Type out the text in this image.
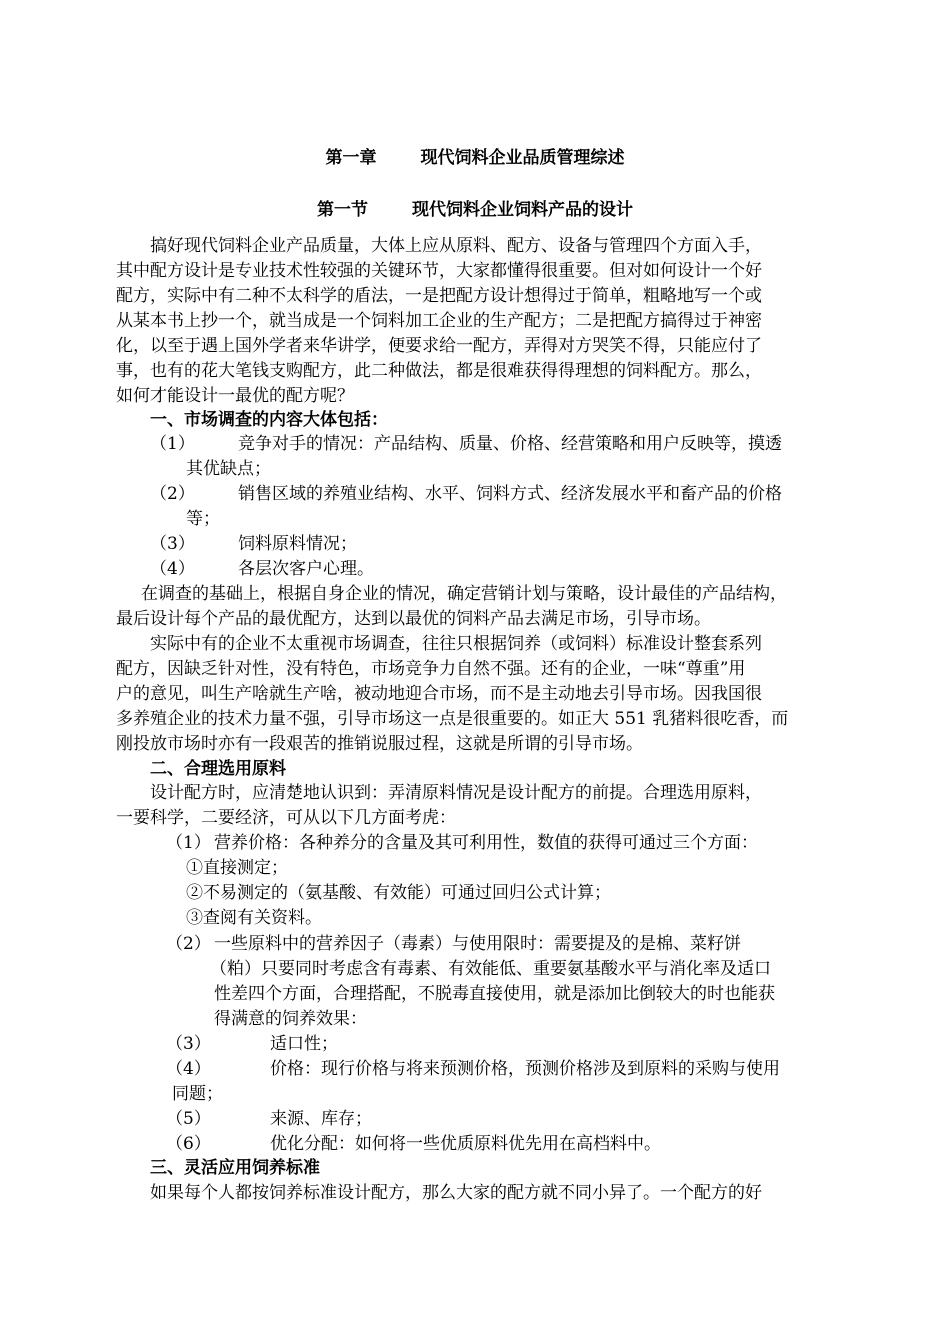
第一章	现代饲料企业品质管理综述
第一节	现代饲料企业饲料产品的设计
搞好现代饲料企业产品质量，大体上应从原料、配方、设备与管理四个方面入手，
其中配方设计是专业技术性较强的关键环节，大家都懂得很重要。但对如何设计一个好
配方，实际中有二种不太科学的盾法，一是把配方设计想得过于简单，粗略地写一个或
从某本书上抄一个，就当成是一个饲料加工企业的生产配方；二是把配方搞得过于神密
化，以至于遇上国外学者来华讲学，便要求给一配方，弄得对方哭笑不得，只能应付了
事，也有的花大笔钱支购配方，此二种做法，都是很难获得得理想的饲料配方。那么，
如何才能设计一最优的配方呢？
一、市场调查的内容大体包括：
（1）	竞争对手的情况：产品结构、质量、价格、经营策略和用户反映等，摸透
其优缺点；
（2）	销售区域的养殖业结构、水平、饲料方式、经济发展水平和畜产品的价格
等；
（3）	饲料原料情况；
（4）	各层次客户心理。
在调查的基础上，根据自身企业的情况，确定营销计划与策略，设计最佳的产品结构，
最后设计每个产品的最优配方，达到以最优的饲料产品去满足市场，引导市场。
实际中有的企业不太重视市场调查，往往只根据饲养（或饲料）标准设计整套系列
配方，因缺乏针对性，没有特色，市场竞争力自然不强。还有的企业，一味“尊重”用
户的意见，叫生产啥就生产啥，被动地迎合市场，而不是主动地去引导市场。因我国很
多养殖企业的技术力量不强，引导市场这一点是很重要的。如正大 551 乳猪料很吃香，而
刚投放市场时亦有一段艰苦的推销说服过程，这就是所谓的引导市场。
二、合理选用原料
设计配方时，应清楚地认识到：弄清原料情况是设计配方的前提。合理选用原料，
一要科学，二要经济，可从以下几方面考虎：
（1） 营养价格：各种养分的含量及其可利用性，数值的获得可通过三个方面：
①直接测定；
②不易测定的（氨基酸、有效能）可通过回归公式计算；
③查阅有关资料。
（2） 一些原料中的营养因子（毒素）与使用限时：需要提及的是棉、菜籽饼
（粕）只要同时考虑含有毒素、有效能低、重要氨基酸水平与消化率及适口
性差四个方面，合理搭配，不脱毒直接使用，就是添加比倒较大的时也能获
得满意的饲养效果：
（3）	适口性；
（4）	价格：现行价格与将来预测价格，预测价格涉及到原料的采购与使用
同题；
（5）	来源、库存；
（6）	优化分配：如何将一些优质原料优先用在高档料中。
三、灵活应用饲养标准
如果每个人都按饲养标准设计配方，那么大家的配方就不同小异了。一个配方的好
